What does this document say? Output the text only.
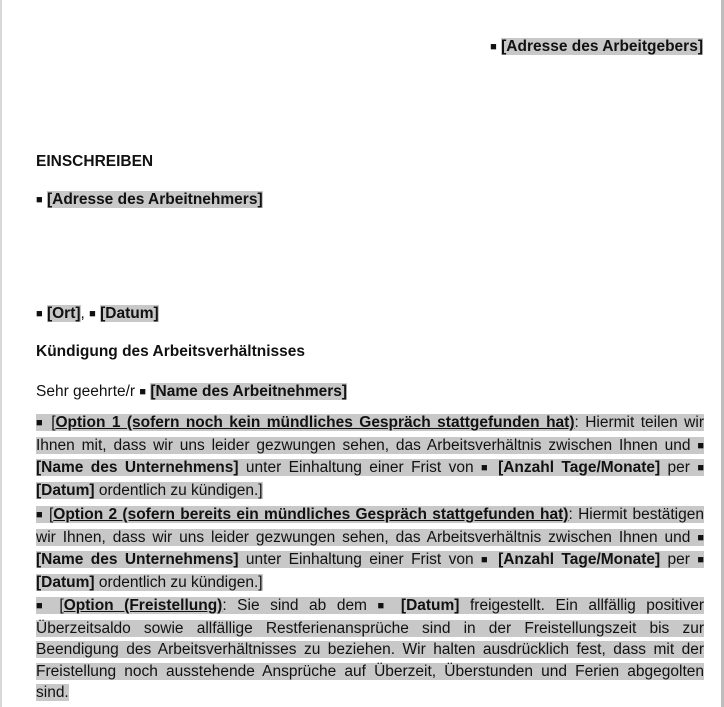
■ [Adresse des Arbeitgebers]
EINSCHREIBEN
■ [Adresse des Arbeitnehmers]
■ [Ort], ■ [Datum]
Kündigung des Arbeitsverhältnisses
Sehr geehrte/r ■ [Name des Arbeitnehmers]
■ [Option 1 (sofern noch kein mündliches Gespräch stattgefunden hat): Hiermit teilen wir Ihnen mit, dass wir uns leider gezwungen sehen, das Arbeitsverhältnis zwischen Ihnen und ■ [Name des Unternehmens] unter Einhaltung einer Frist von ■ [Anzahl Tage/Monate] per ■ [Datum] ordentlich zu kündigen.]
■ [Option 2 (sofern bereits ein mündliches Gespräch stattgefunden hat): Hiermit bestätigen wir Ihnen, dass wir uns leider gezwungen sehen, das Arbeitsverhältnis zwischen Ihnen und ■ [Name des Unternehmens] unter Einhaltung einer Frist von ■ [Anzahl Tage/Monate] per ■ [Datum] ordentlich zu kündigen.]
■ [Option (Freistellung): Sie sind ab dem ■ [Datum] freigestellt. Ein allfällig positiver Überzeitsaldo sowie allfällige Restferienansprüche sind in der Freistellungszeit bis zur Beendigung des Arbeitsverhältnisses zu beziehen. Wir halten ausdrücklich fest, dass mit der Freistellung noch ausstehende Ansprüche auf Überzeit, Überstunden und Ferien abgegolten sind.
